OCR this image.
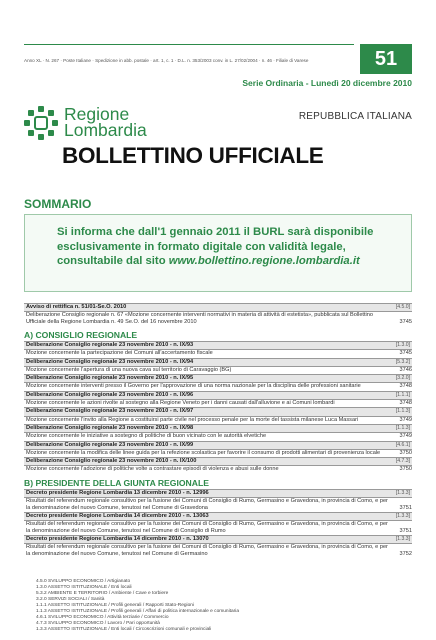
Anno XL · N. 267 · Poste Italiane · Spedizione in abb. postale · art. 1, c. 1 · D.L. n. 353/2003 conv. in L. 27/02/2004 · n. 46 · Filiale di Varese	51
Serie Ordinaria - Lunedì 20 dicembre 2010
Regione
Lombardia
REPUBBLICA ITALIANA
BOLLETTINO UFFICIALE
SOMMARIO
Si informa che dall'1 gennaio 2011 il BURL sarà disponibile esclusivamente in formato digitale con validità legale, consultabile dal sito www.bollettino.regione.lombardia.it
Avviso di rettifica n. 51/01-Se.O. 2010	[4.5.0]
Deliberazione Consiglio regionale n. 67 «Mozione concernente interventi normativi in materia di attività di estetista», pubblicata sul Bollettino Ufficiale della Regione Lombardia n. 49 Se.O. del 16 novembre 2010	3745
A) CONSIGLIO REGIONALE
Deliberazione Consiglio regionale 23 novembre 2010 - n. IX/93	[1.3.0]
Mozione concernente la partecipazione dei Comuni all'accertamento fiscale	3745
Deliberazione Consiglio regionale 23 novembre 2010 - n. IX/94	[5.3.2]
Mozione concernente l'apertura di una nuova cava sul territorio di Caravaggio (BG)	3746
Deliberazione Consiglio regionale 23 novembre 2010 - n. IX/95	[3.2.0]
Mozione concernente interventi presso il Governo per l'approvazione di una norma nazionale per la disciplina delle professioni sanitarie	3748
Deliberazione Consiglio regionale 23 novembre 2010 - n. IX/96	[1.1.1]
Mozione concernente le azioni rivolte al sostegno alla Regione Veneto per i danni causati dall'alluvione e ai Comuni lombardi	3748
Deliberazione Consiglio regionale 23 novembre 2010 - n. IX/97	[1.1.3]
Mozione concernente l'invito alla Regione a costituirsi parte civile nel processo penale per la morte del tassista milanese Luca Massari	3749
Deliberazione Consiglio regionale 23 novembre 2010 - n. IX/98	[1.1.3]
Mozione concernente le iniziative a sostegno di politiche di buon vicinato con le autorità elvetiche	3749
Deliberazione Consiglio regionale 23 novembre 2010 - n. IX/99	[4.6.1]
Mozione concernente la modifica delle linee guida per la refezione scolastica per favorire il consumo di prodotti alimentari di provenienza locale	3750
Deliberazione Consiglio regionale 23 novembre 2010 - n. IX/100	[4.7.3]
Mozione concernente l'adozione di politiche volte a contrastare episodi di violenza e abusi sulle donne	3750
B) PRESIDENTE DELLA GIUNTA REGIONALE
Decreto presidente Regione Lombardia 13 dicembre 2010 - n. 12996	[1.3.3]
Risultati del referendum regionale consultivo per la fusione dei Comuni di Consiglio di Rumo, Germasino e Gravedona, in provincia di Como, e per la denominazione del nuovo Comune, tenutosi nel Comune di Gravedona	3751
Decreto presidente Regione Lombardia 14 dicembre 2010 - n. 13063	[1.3.3]
Risultati del referendum regionale consultivo per la fusione dei Comuni di Consiglio di Rumo, Germasino e Gravedona, in provincia di Como, e per la denominazione del nuovo Comune, tenutosi nel Comune di Consiglio di Rumo	3751
Decreto presidente Regione Lombardia 14 dicembre 2010 - n. 13070	[1.3.3]
Risultati del referendum regionale consultivo per la fusione dei Comuni di Consiglio di Rumo, Germasino e Gravedona, in provincia di Como, e per la denominazione del nuovo Comune, tenutosi nel Comune di Germasino	3752
4.5.0 SVILUPPO ECONOMICO / Artigianato
1.3.0 ASSETTO ISTITUZIONALE / Enti locali
5.3.2 AMBIENTE E TERRITORIO / Ambiente / Cave e torbiere
3.2.0 SERVIZI SOCIALI / Sanità
1.1.1 ASSETTO ISTITUZIONALE / Profili generali / Rapporti Stato-Regioni
1.1.3 ASSETTO ISTITUZIONALE / Profili generali / Affari di politica internazionale e comunitaria
4.6.1 SVILUPPO ECONOMICO / Attività terziarie / Commercio
4.7.3 SVILUPPO ECONOMICO / Lavoro / Pari opportunità
1.3.3 ASSETTO ISTITUZIONALE / Enti locali / Circoscrizioni comunali e provinciali
